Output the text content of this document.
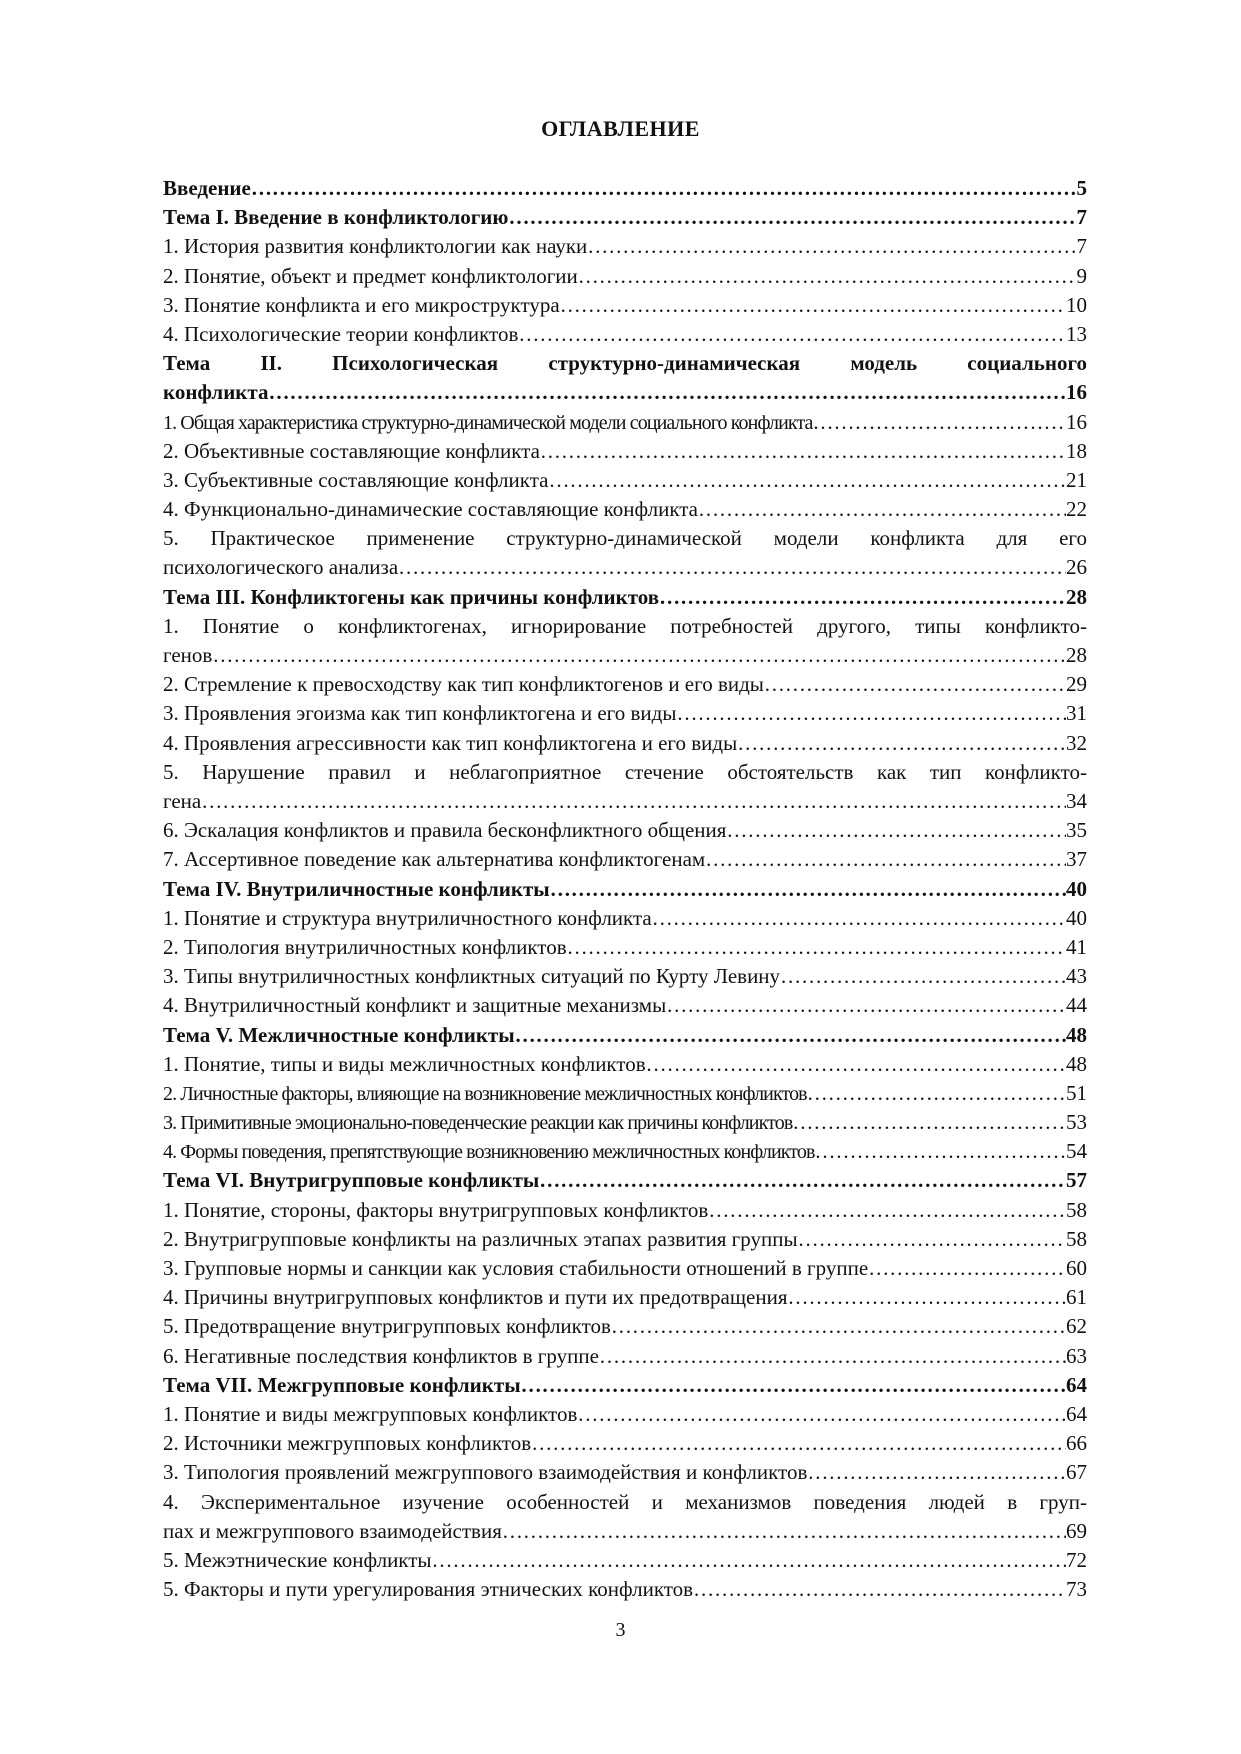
ОГЛАВЛЕНИЕ
Введение …………………………………………………………………………………………………………………………………………………………………………………………………………………………	5
Тема I. Введение в конфликтологию …………………………………………………………………………………………………………………………………………………………………………………………………………………………	7
1. История развития конфликтологии как науки …………………………………………………………………………………………………………………………………………………………………………………………………………………………	7
2. Понятие, объект и предмет конфликтологии …………………………………………………………………………………………………………………………………………………………………………………………………………………………	9
3. Понятие конфликта и его микроструктура …………………………………………………………………………………………………………………………………………………………………………………………………………………………	10
4. Психологические теории конфликтов …………………………………………………………………………………………………………………………………………………………………………………………………………………………	13
Тема II. Психологическая структурно-динамическая модель социального
конфликта …………………………………………………………………………………………………………………………………………………………………………………………………………………………	16
1. Общая характеристика структурно-динамической модели социального конфликта …………………………………………………………………………………………………………………………………………………………………………………………………………………………	16
2. Объективные составляющие конфликта …………………………………………………………………………………………………………………………………………………………………………………………………………………………	18
3. Субъективные составляющие конфликта …………………………………………………………………………………………………………………………………………………………………………………………………………………………	21
4. Функционально-динамические составляющие конфликта …………………………………………………………………………………………………………………………………………………………………………………………………………………………	22
5. Практическое применение структурно-динамической модели конфликта для его
психологического анализа …………………………………………………………………………………………………………………………………………………………………………………………………………………………	26
Тема III. Конфликтогены как причины конфликтов …………………………………………………………………………………………………………………………………………………………………………………………………………………………	28
1. Понятие о конфликтогенах, игнорирование потребностей другого, типы конфликто-
генов …………………………………………………………………………………………………………………………………………………………………………………………………………………………	28
2. Стремление к превосходству как тип конфликтогенов и его виды …………………………………………………………………………………………………………………………………………………………………………………………………………………………	29
3. Проявления эгоизма как тип конфликтогена и его виды …………………………………………………………………………………………………………………………………………………………………………………………………………………………	31
4. Проявления агрессивности как тип конфликтогена и его виды …………………………………………………………………………………………………………………………………………………………………………………………………………………………	32
5. Нарушение правил и неблагоприятное стечение обстоятельств как тип конфликто-
гена …………………………………………………………………………………………………………………………………………………………………………………………………………………………	34
6. Эскалация конфликтов и правила бесконфликтного общения …………………………………………………………………………………………………………………………………………………………………………………………………………………………	35
7. Ассертивное поведение как альтернатива конфликтогенам …………………………………………………………………………………………………………………………………………………………………………………………………………………………	37
Тема IV. Внутриличностные конфликты …………………………………………………………………………………………………………………………………………………………………………………………………………………………	40
1. Понятие и структура внутриличностного конфликта …………………………………………………………………………………………………………………………………………………………………………………………………………………………	40
2. Типология внутриличностных конфликтов …………………………………………………………………………………………………………………………………………………………………………………………………………………………	41
3. Типы внутриличностных конфликтных ситуаций по Курту Левину …………………………………………………………………………………………………………………………………………………………………………………………………………………………	43
4. Внутриличностный конфликт и защитные механизмы …………………………………………………………………………………………………………………………………………………………………………………………………………………………	44
Тема V. Межличностные конфликты …………………………………………………………………………………………………………………………………………………………………………………………………………………………	48
1. Понятие, типы и виды межличностных конфликтов …………………………………………………………………………………………………………………………………………………………………………………………………………………………	48
2. Личностные факторы, влияющие на возникновение межличностных конфликтов …………………………………………………………………………………………………………………………………………………………………………………………………………………………	51
3. Примитивные эмоционально-поведенческие реакции как причины конфликтов …………………………………………………………………………………………………………………………………………………………………………………………………………………………	53
4. Формы поведения, препятствующие возникновению межличностных конфликтов …………………………………………………………………………………………………………………………………………………………………………………………………………………………	54
Тема VI. Внутригрупповые конфликты …………………………………………………………………………………………………………………………………………………………………………………………………………………………	57
1. Понятие, стороны, факторы внутригрупповых конфликтов …………………………………………………………………………………………………………………………………………………………………………………………………………………………	58
2. Внутригрупповые конфликты на различных этапах развития группы …………………………………………………………………………………………………………………………………………………………………………………………………………………………	58
3. Групповые нормы и санкции как условия стабильности отношений в группе …………………………………………………………………………………………………………………………………………………………………………………………………………………………	60
4. Причины внутригрупповых конфликтов и пути их предотвращения …………………………………………………………………………………………………………………………………………………………………………………………………………………………	61
5. Предотвращение внутригрупповых конфликтов …………………………………………………………………………………………………………………………………………………………………………………………………………………………	62
6. Негативные последствия конфликтов в группе …………………………………………………………………………………………………………………………………………………………………………………………………………………………	63
Тема VII. Межгрупповые конфликты …………………………………………………………………………………………………………………………………………………………………………………………………………………………	64
1. Понятие и виды межгрупповых конфликтов …………………………………………………………………………………………………………………………………………………………………………………………………………………………	64
2. Источники межгрупповых конфликтов …………………………………………………………………………………………………………………………………………………………………………………………………………………………	66
3. Типология проявлений межгруппового взаимодействия и конфликтов …………………………………………………………………………………………………………………………………………………………………………………………………………………………	67
4. Экспериментальное изучение особенностей и механизмов поведения людей в груп-
пах и межгруппового взаимодействия …………………………………………………………………………………………………………………………………………………………………………………………………………………………	69
5. Межэтнические конфликты …………………………………………………………………………………………………………………………………………………………………………………………………………………………	72
5. Факторы и пути урегулирования этнических конфликтов …………………………………………………………………………………………………………………………………………………………………………………………………………………………	73
3
